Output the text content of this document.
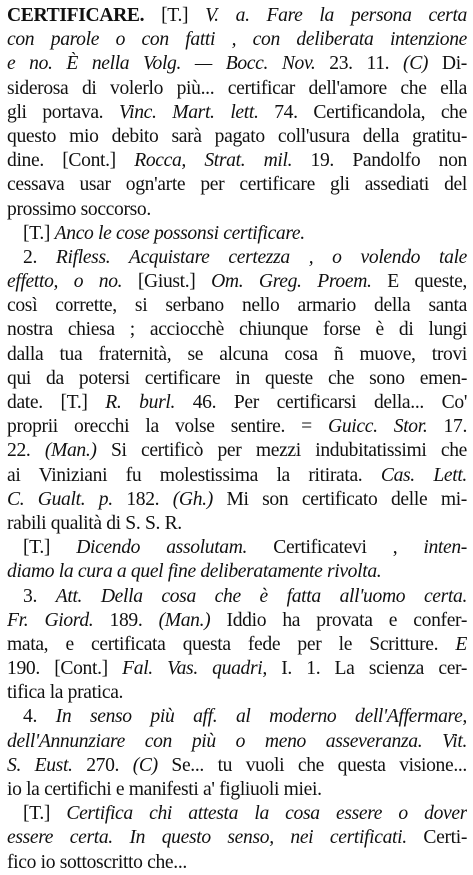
CERTIFICARE. [T.] V. a. Fare la persona certa
con parole o con fatti , con deliberata intenzione
e no. È nella Volg. — Bocc. Nov. 23. 11. (C) Di-
siderosa di volerlo più... certificar dell'amore che ella
gli portava. Vinc. Mart. lett. 74. Certificandola, che
questo mio debito sarà pagato coll'usura della gratitu-
dine. [Cont.] Rocca, Strat. mil. 19. Pandolfo non
cessava usar ogn'arte per certificare gli assediati del
prossimo soccorso.
[T.] Anco le cose possonsi certificare.
2. Rifless. Acquistare certezza , o volendo tale
effetto, o no. [Giust.] Om. Greg. Proem. E queste,
così corrette, si serbano nello armario della santa
nostra chiesa ; acciocchè chiunque forse è di lungi
dalla tua fraternità, se alcuna cosa ñ muove, trovi
qui da potersi certificare in queste che sono emen-
date. [T.] R. burl. 46. Per certificarsi della... Co'
proprii orecchi la volse sentire. = Guicc. Stor. 17.
22. (Man.) Si certificò per mezzi indubitatissimi che
ai Viniziani fu molestissima la ritirata. Cas. Lett.
C. Gualt. p. 182. (Gh.) Mi son certificato delle mi-
rabili qualità di S. S. R.
[T.] Dicendo assolutam. Certificatevi , inten-
diamo la cura a quel fine deliberatamente rivolta.
3. Att. Della cosa che è fatta all'uomo certa.
Fr. Giord. 189. (Man.) Iddio ha provata e confer-
mata, e certificata questa fede per le Scritture. E
190. [Cont.] Fal. Vas. quadri, I. 1. La scienza cer-
tifica la pratica.
4. In senso più aff. al moderno dell'Affermare,
dell'Annunziare con più o meno asseveranza. Vit.
S. Eust. 270. (C) Se... tu vuoli che questa visione...
io la certifichi e manifesti a' figliuoli miei.
[T.] Certifica chi attesta la cosa essere o dover
essere certa. In questo senso, nei certificati. Certi-
fico io sottoscritto che...
